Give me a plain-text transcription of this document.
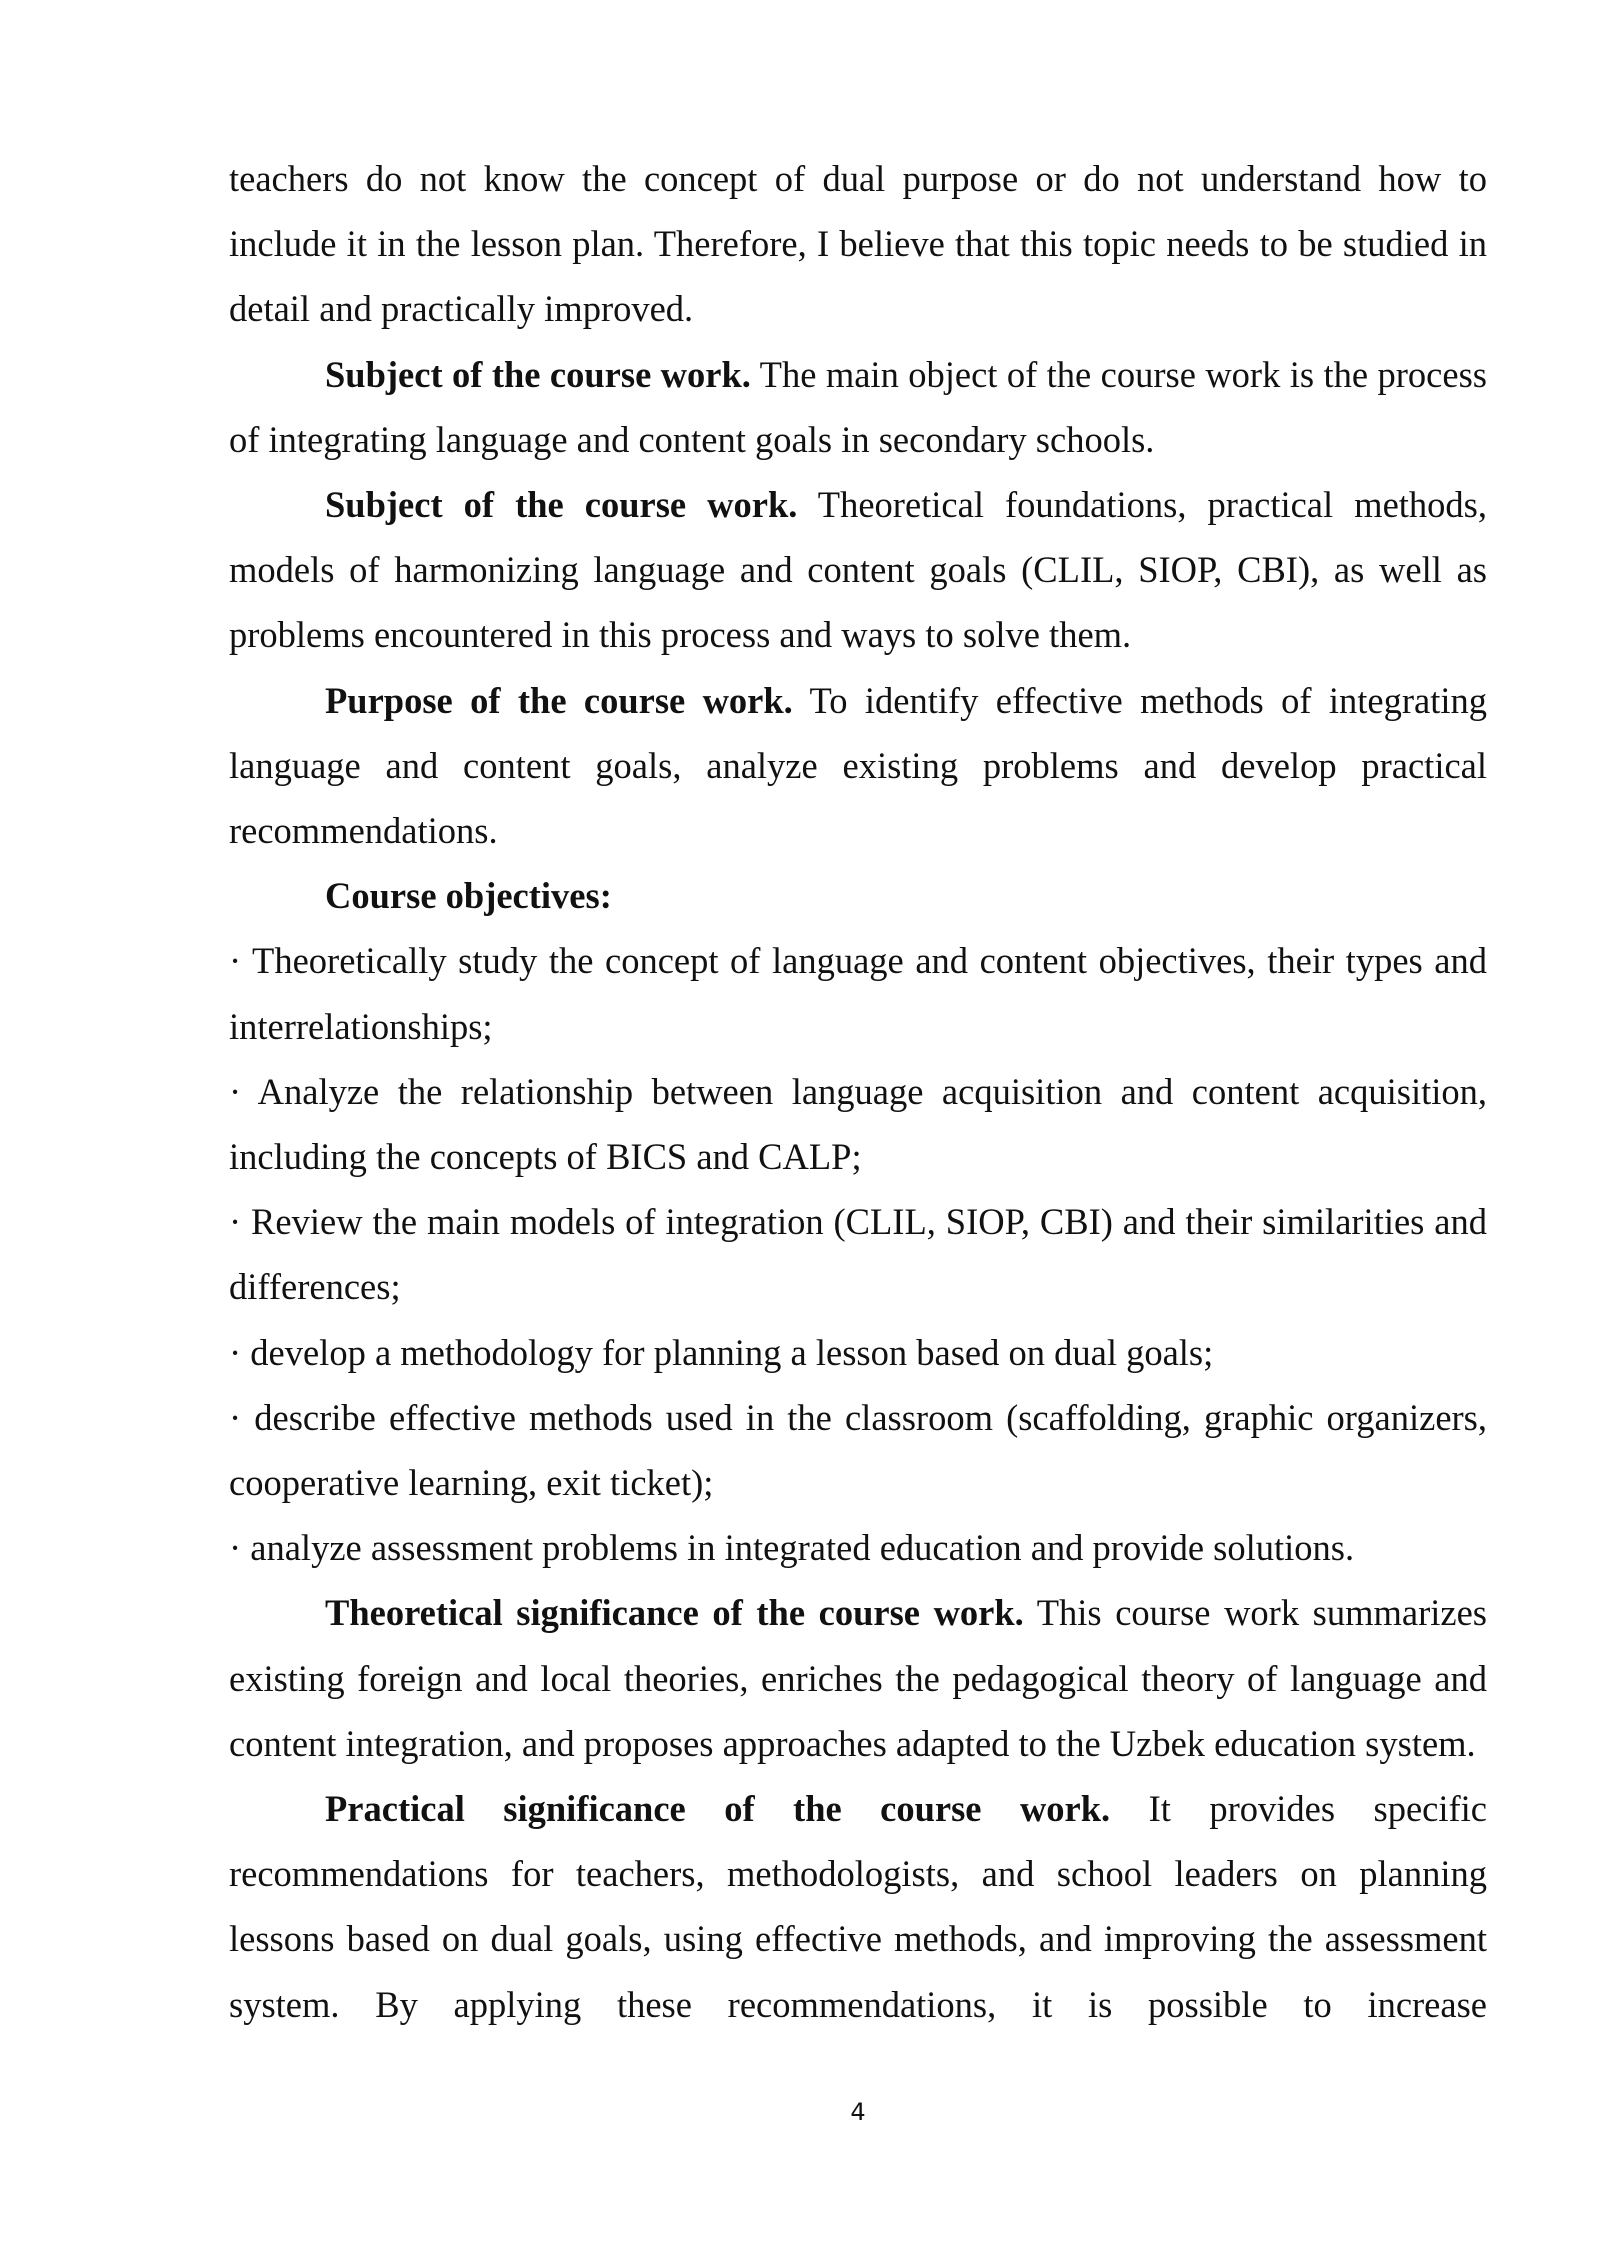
teachers do not know the concept of dual purpose or do not understand how to include it in the lesson plan. Therefore, I believe that this topic needs to be studied in detail and practically improved.

Subject of the course work. The main object of the course work is the process of integrating language and content goals in secondary schools.

Subject of the course work. Theoretical foundations, practical methods, models of harmonizing language and content goals (CLIL, SIOP, CBI), as well as problems encountered in this process and ways to solve them.

Purpose of the course work. To identify effective methods of integrating language and content goals, analyze existing problems and develop practical recommendations.

Course objectives:

· Theoretically study the concept of language and content objectives, their types and interrelationships;
· Analyze the relationship between language acquisition and content acquisition, including the concepts of BICS and CALP;
· Review the main models of integration (CLIL, SIOP, CBI) and their similarities and differences;
· develop a methodology for planning a lesson based on dual goals;
· describe effective methods used in the classroom (scaffolding, graphic organizers, cooperative learning, exit ticket);
· analyze assessment problems in integrated education and provide solutions.

Theoretical significance of the course work. This course work summarizes existing foreign and local theories, enriches the pedagogical theory of language and content integration, and proposes approaches adapted to the Uzbek education system.

Practical significance of the course work. It provides specific recommendations for teachers, methodologists, and school leaders on planning lessons based on dual goals, using effective methods, and improving the assessment system. By applying these recommendations, it is possible to increase

4
